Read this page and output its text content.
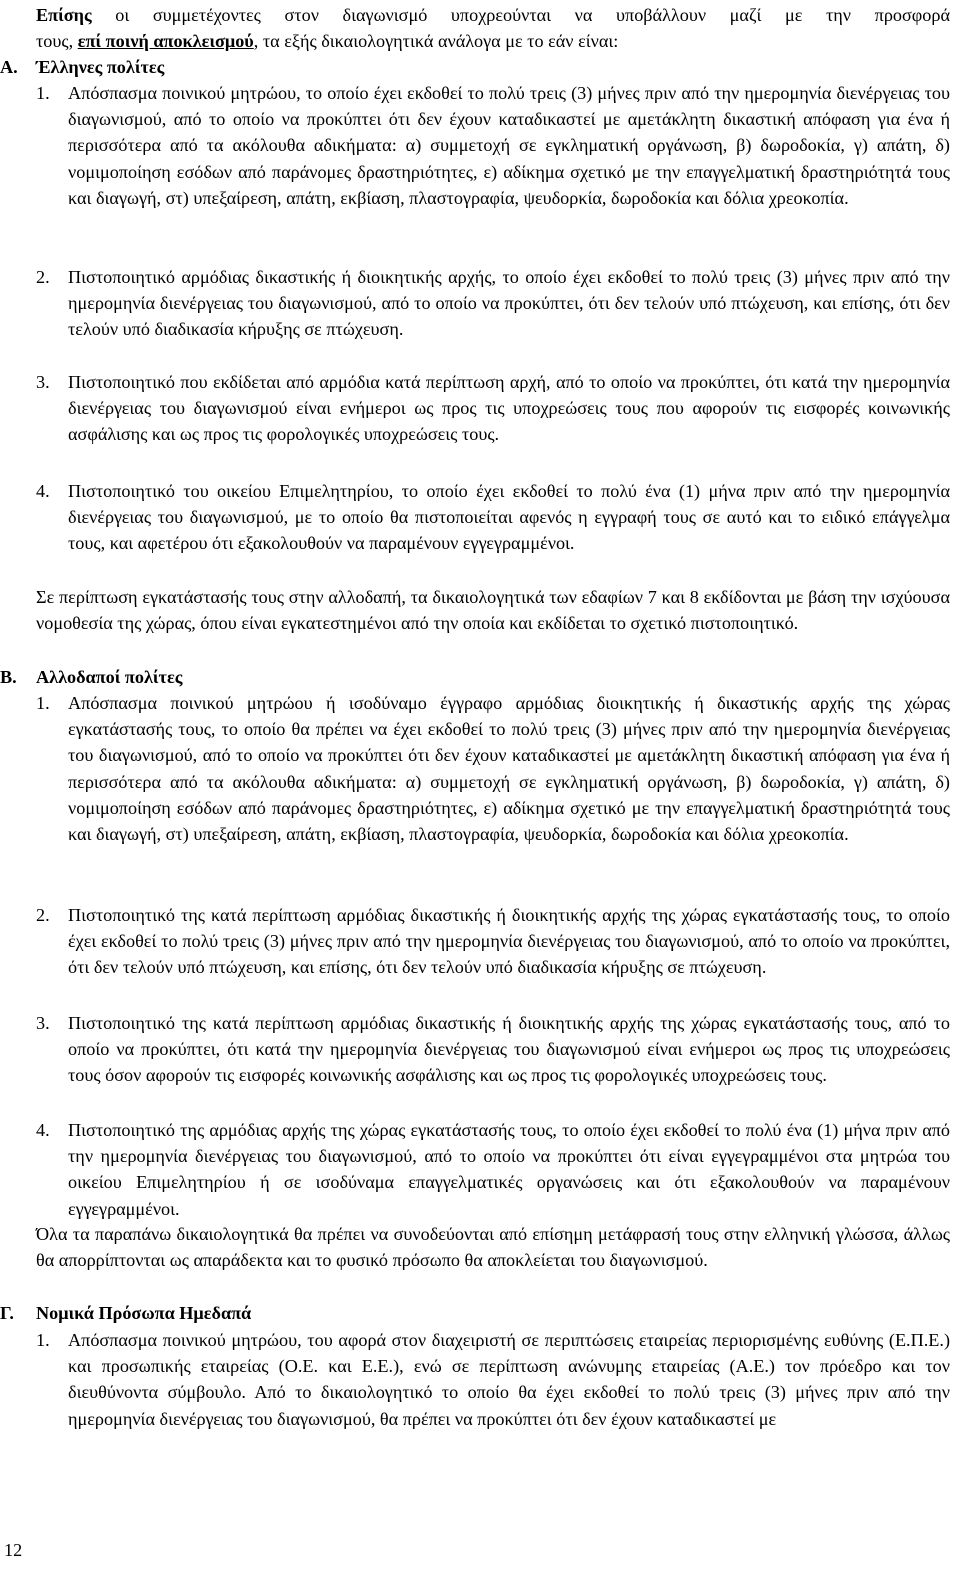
Επίσης οι συμμετέχοντες στον διαγωνισμό υποχρεούνται να υποβάλλουν μαζί με την προσφορά
τους, επί ποινή αποκλεισμού, τα εξής δικαιολογητικά ανάλογα με το εάν είναι:
Α. Έλληνες πολίτες
1.	Απόσπασμα ποινικού μητρώου, το οποίο έχει εκδοθεί το πολύ τρεις (3) μήνες πριν από την ημερομηνία διενέργειας του διαγωνισμού, από το οποίο να προκύπτει ότι δεν έχουν καταδικαστεί με αμετάκλητη δικαστική απόφαση για ένα ή περισσότερα από τα ακόλουθα αδικήματα: α) συμμετοχή σε εγκληματική οργάνωση, β) δωροδοκία, γ) απάτη, δ) νομιμοποίηση εσόδων από παράνομες δραστηριότητες, ε) αδίκημα σχετικό με την επαγγελματική δραστηριότητά τους και διαγωγή, στ) υπεξαίρεση, απάτη, εκβίαση, πλαστογραφία, ψευδορκία, δωροδοκία και δόλια χρεοκοπία.
2.	Πιστοποιητικό αρμόδιας δικαστικής ή διοικητικής αρχής, το οποίο έχει εκδοθεί το πολύ τρεις (3) μήνες πριν από την ημερομηνία διενέργειας του διαγωνισμού, από το οποίο να προκύπτει, ότι δεν τελούν υπό πτώχευση, και επίσης, ότι δεν τελούν υπό διαδικασία κήρυξης σε πτώχευση.
3.	Πιστοποιητικό που εκδίδεται από αρμόδια κατά περίπτωση αρχή, από το οποίο να προκύπτει, ότι κατά την ημερομηνία διενέργειας του διαγωνισμού είναι ενήμεροι ως προς τις υποχρεώσεις τους που αφορούν τις εισφορές κοινωνικής ασφάλισης και ως προς τις φορολογικές υποχρεώσεις τους.
4.	Πιστοποιητικό του οικείου Επιμελητηρίου, το οποίο έχει εκδοθεί το πολύ ένα (1) μήνα πριν από την ημερομηνία διενέργειας του διαγωνισμού, με το οποίο θα πιστοποιείται αφενός η εγγραφή τους σε αυτό και το ειδικό επάγγελμα τους, και αφετέρου ότι εξακολουθούν να παραμένουν εγγεγραμμένοι.
Σε περίπτωση εγκατάστασής τους στην αλλοδαπή, τα δικαιολογητικά των εδαφίων 7 και 8 εκδίδονται με βάση την ισχύουσα νομοθεσία της χώρας, όπου είναι εγκατεστημένοι από την οποία και εκδίδεται το σχετικό πιστοποιητικό.
Β. Αλλοδαποί πολίτες
1.	Απόσπασμα ποινικού μητρώου ή ισοδύναμο έγγραφο αρμόδιας διοικητικής ή δικαστικής αρχής της χώρας εγκατάστασής τους, το οποίο θα πρέπει να έχει εκδοθεί το πολύ τρεις (3) μήνες πριν από την ημερομηνία διενέργειας του διαγωνισμού, από το οποίο να προκύπτει ότι δεν έχουν καταδικαστεί με αμετάκλητη δικαστική απόφαση για ένα ή περισσότερα από τα ακόλουθα αδικήματα: α) συμμετοχή σε εγκληματική οργάνωση, β) δωροδοκία, γ) απάτη, δ) νομιμοποίηση εσόδων από παράνομες δραστηριότητες, ε) αδίκημα σχετικό με την επαγγελματική δραστηριότητά τους και διαγωγή, στ) υπεξαίρεση, απάτη, εκβίαση, πλαστογραφία, ψευδορκία, δωροδοκία και δόλια χρεοκοπία.
2.	Πιστοποιητικό της κατά περίπτωση αρμόδιας δικαστικής ή διοικητικής αρχής της χώρας εγκατάστασής τους, το οποίο έχει εκδοθεί το πολύ τρεις (3) μήνες πριν από την ημερομηνία διενέργειας του διαγωνισμού, από το οποίο να προκύπτει, ότι δεν τελούν υπό πτώχευση, και επίσης, ότι δεν τελούν υπό διαδικασία κήρυξης σε πτώχευση.
3.	Πιστοποιητικό της κατά περίπτωση αρμόδιας δικαστικής ή διοικητικής αρχής της χώρας εγκατάστασής τους, από το οποίο να προκύπτει, ότι κατά την ημερομηνία διενέργειας του διαγωνισμού είναι ενήμεροι ως προς τις υποχρεώσεις τους όσον αφορούν τις εισφορές κοινωνικής ασφάλισης και ως προς τις φορολογικές υποχρεώσεις τους.
4.	Πιστοποιητικό της αρμόδιας αρχής της χώρας εγκατάστασής τους, το οποίο έχει εκδοθεί το πολύ ένα (1) μήνα πριν από την ημερομηνία διενέργειας του διαγωνισμού, από το οποίο να προκύπτει ότι είναι εγγεγραμμένοι στα μητρώα του οικείου Επιμελητηρίου ή σε ισοδύναμα επαγγελματικές οργανώσεις και ότι εξακολουθούν να παραμένουν εγγεγραμμένοι.
Όλα τα παραπάνω δικαιολογητικά θα πρέπει να συνοδεύονται από επίσημη μετάφρασή τους στην ελληνική γλώσσα, άλλως θα απορρίπτονται ως απαράδεκτα και το φυσικό πρόσωπο θα αποκλείεται του διαγωνισμού.
Γ. Νομικά Πρόσωπα Ημεδαπά
1.	Απόσπασμα ποινικού μητρώου, του αφορά στον διαχειριστή σε περιπτώσεις εταιρείας περιορισμένης ευθύνης (Ε.Π.Ε.) και προσωπικής εταιρείας (Ο.Ε. και Ε.Ε.), ενώ σε περίπτωση ανώνυμης εταιρείας (Α.Ε.) τον πρόεδρο και τον διευθύνοντα σύμβουλο. Από το δικαιολογητικό το οποίο θα έχει εκδοθεί το πολύ τρεις (3) μήνες πριν από την ημερομηνία διενέργειας του διαγωνισμού, θα πρέπει να προκύπτει ότι δεν έχουν καταδικαστεί με
12
